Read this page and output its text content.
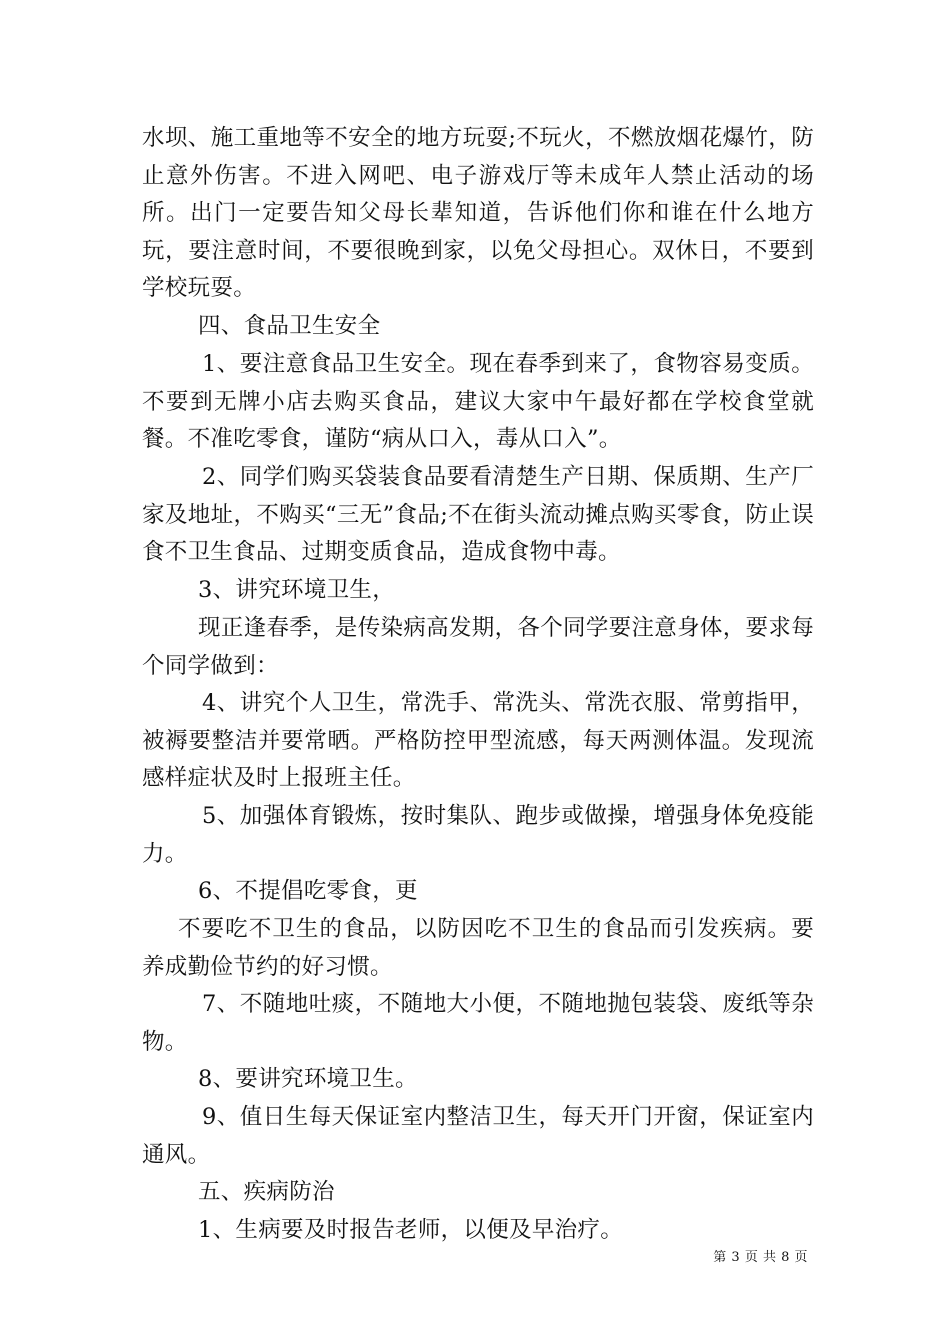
水坝、施工重地等不安全的地方玩耍;不玩火，不燃放烟花爆竹，防止意外伤害。不进入网吧、电子游戏厅等未成年人禁止活动的场所。出门一定要告知父母长辈知道，告诉他们你和谁在什么地方玩，要注意时间，不要很晚到家，以免父母担心。双休日，不要到学校玩耍。

四、食品卫生安全

1、要注意食品卫生安全。现在春季到来了，食物容易变质。不要到无牌小店去购买食品，建议大家中午最好都在学校食堂就餐。不准吃零食，谨防“病从口入，毒从口入”。

2、同学们购买袋装食品要看清楚生产日期、保质期、生产厂家及地址，不购买“三无”食品;不在街头流动摊点购买零食，防止误食不卫生食品、过期变质食品，造成食物中毒。

3、讲究环境卫生，

现正逢春季，是传染病高发期，各个同学要注意身体，要求每个同学做到：

4、讲究个人卫生，常洗手、常洗头、常洗衣服、常剪指甲，被褥要整洁并要常晒。严格防控甲型流感，每天两测体温。发现流感样症状及时上报班主任。

5、加强体育锻炼，按时集队、跑步或做操，增强身体免疫能力。

6、不提倡吃零食，更

不要吃不卫生的食品，以防因吃不卫生的食品而引发疾病。要养成勤俭节约的好习惯。

7、不随地吐痰，不随地大小便，不随地抛包装袋、废纸等杂物。

8、要讲究环境卫生。

9、值日生每天保证室内整洁卫生，每天开门开窗，保证室内通风。

五、疾病防治

1、生病要及时报告老师，以便及早治疗。

第 3 页 共 8 页
